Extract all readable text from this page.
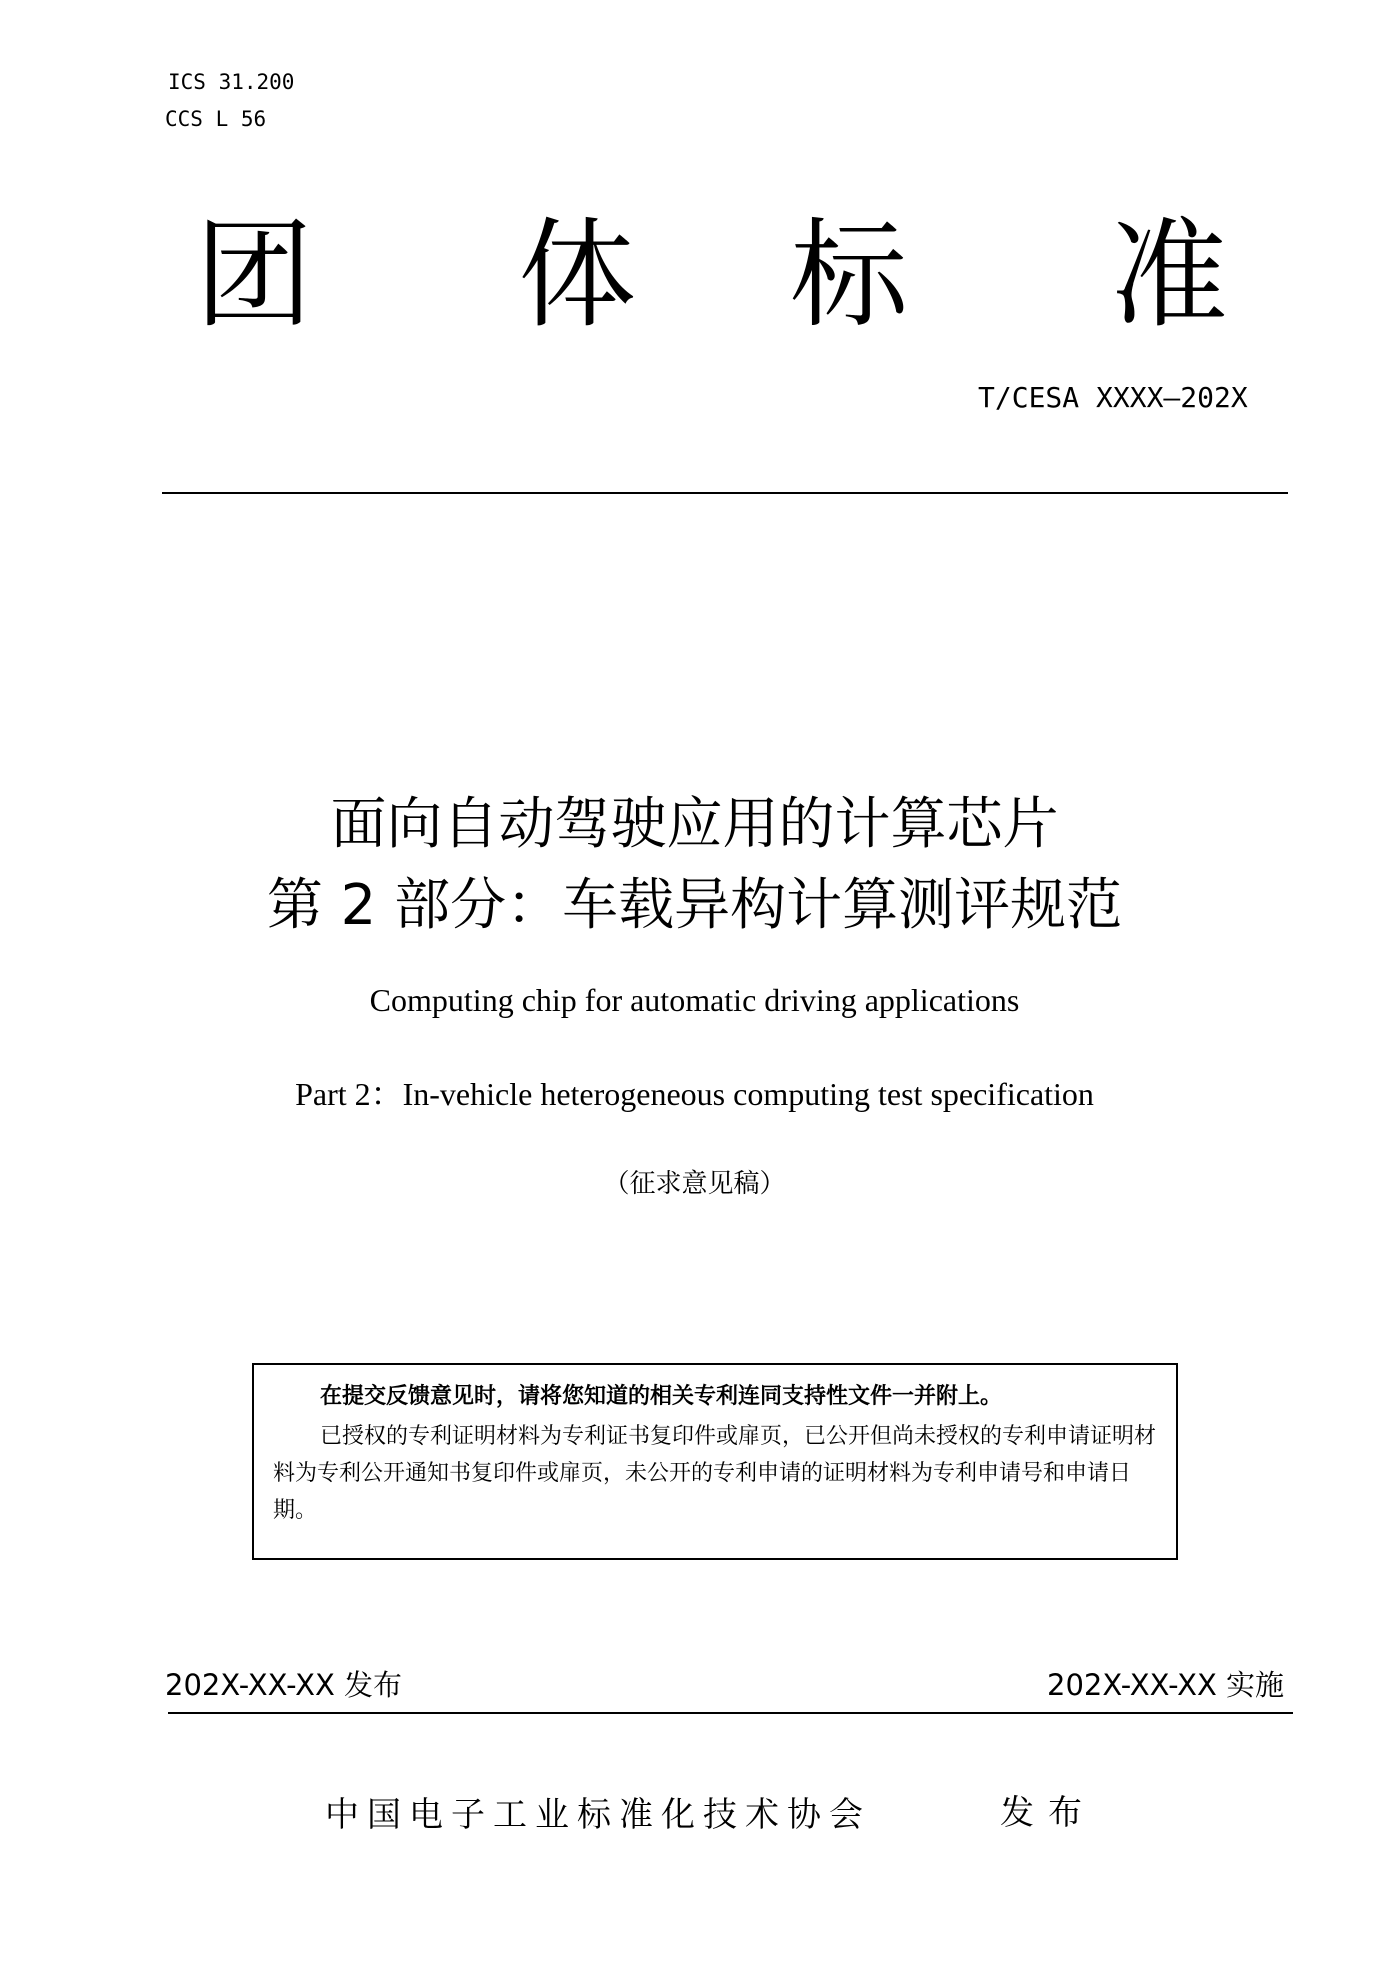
ICS 31.200
CCS L 56
团 体 标 准
T/CESA XXXX—202X
面向自动驾驶应用的计算芯片
第 2 部分：车载异构计算测评规范
Computing chip for automatic driving applications
Part 2：In-vehicle heterogeneous computing test specification
（征求意见稿）
在提交反馈意见时，请将您知道的相关专利连同支持性文件一并附上。
已授权的专利证明材料为专利证书复印件或扉页，已公开但尚未授权的专利申请证明材料为专利公开通知书复印件或扉页，未公开的专利申请的证明材料为专利申请号和申请日期。
202X-XX-XX 发布	202X-XX-XX 实施
中国电子工业标准化技术协会	发布
